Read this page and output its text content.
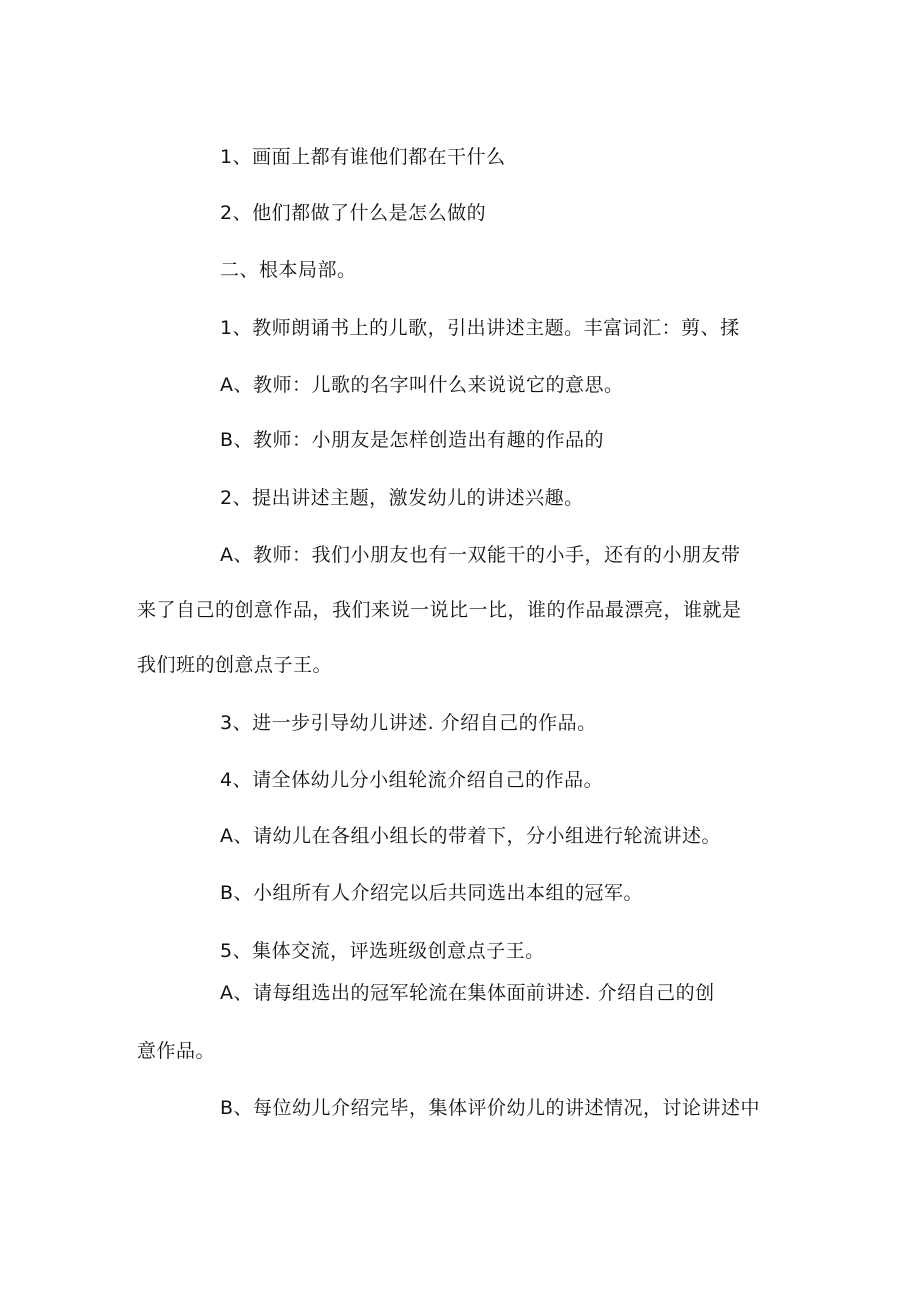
1、画面上都有谁他们都在干什么
2、他们都做了什么是怎么做的
二、根本局部。
1、教师朗诵书上的儿歌，引出讲述主题。丰富词汇：剪、揉
A、教师：儿歌的名字叫什么来说说它的意思。
B、教师：小朋友是怎样创造出有趣的作品的
2、提出讲述主题，激发幼儿的讲述兴趣。
A、教师：我们小朋友也有一双能干的小手，还有的小朋友带
来了自己的创意作品，我们来说一说比一比，谁的作品最漂亮，谁就是
我们班的创意点子王。
3、进一步引导幼儿讲述. 介绍自己的作品。
4、请全体幼儿分小组轮流介绍自己的作品。
A、请幼儿在各组小组长的带着下，分小组进行轮流讲述。
B、小组所有人介绍完以后共同选出本组的冠军。
5、集体交流，评选班级创意点子王。
A、请每组选出的冠军轮流在集体面前讲述. 介绍自己的创
意作品。
B、每位幼儿介绍完毕，集体评价幼儿的讲述情况，讨论讲述中
